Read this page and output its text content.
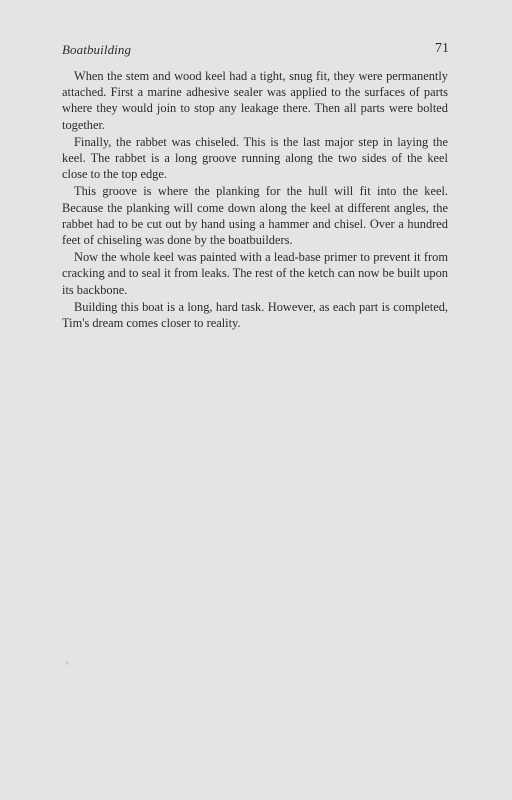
Boatbuilding	71

When the stem and wood keel had a tight, snug fit, they were permanently attached. First a marine adhesive sealer was applied to the surfaces of parts where they would join to stop any leakage there. Then all parts were bolted together.

Finally, the rabbet was chiseled. This is the last major step in laying the keel. The rabbet is a long groove running along the two sides of the keel close to the top edge.

This groove is where the planking for the hull will fit into the keel. Because the planking will come down along the keel at different angles, the rabbet had to be cut out by hand using a hammer and chisel. Over a hundred feet of chiseling was done by the boatbuilders.

Now the whole keel was painted with a lead-base primer to prevent it from cracking and to seal it from leaks. The rest of the ketch can now be built upon its backbone.

Building this boat is a long, hard task. However, as each part is completed, Tim's dream comes closer to reality.
